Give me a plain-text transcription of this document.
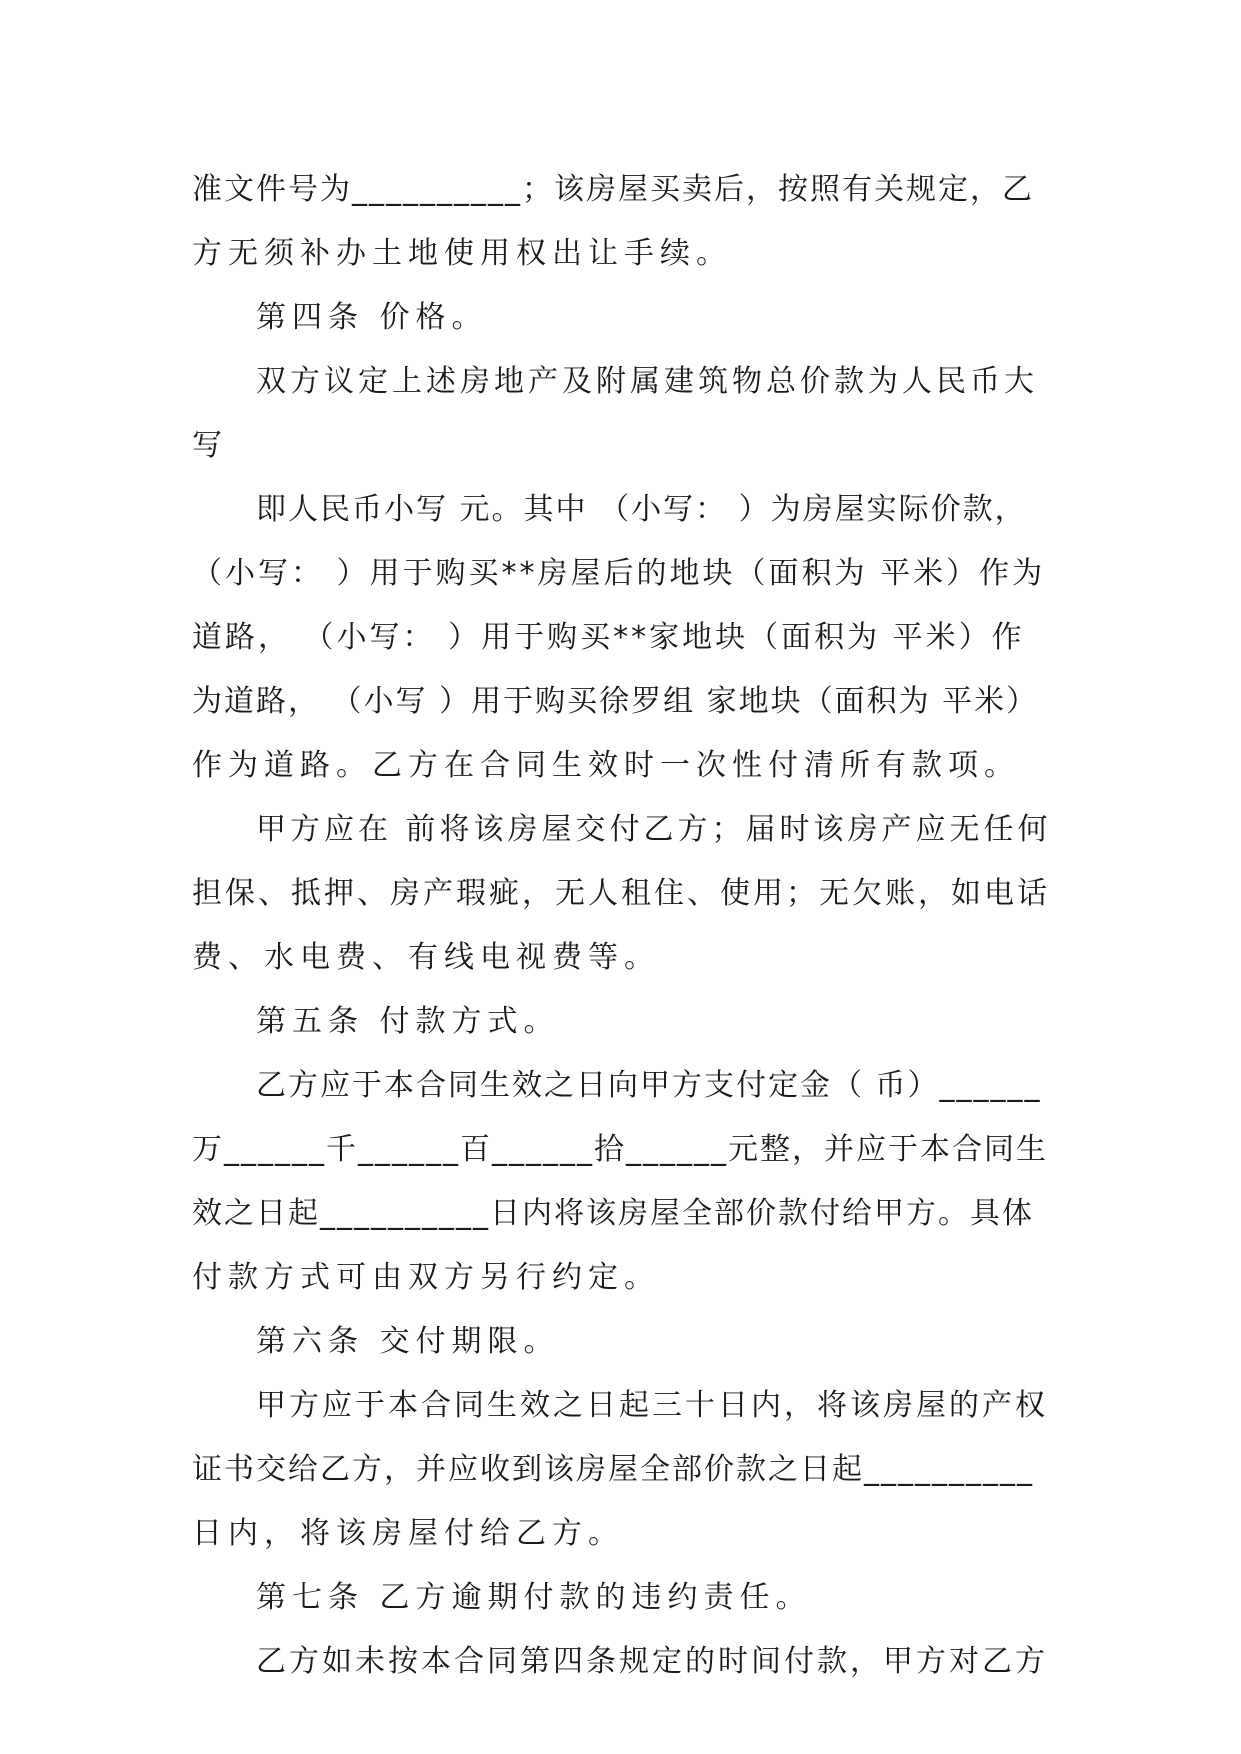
准文件号为__________；该房屋买卖后，按照有关规定，乙
方无须补办土地使用权出让手续。
第四条 价格。
双方议定上述房地产及附属建筑物总价款为人民币大
写
即人民币小写 元。其中 （小写： ）为房屋实际价款，
（小写： ）用于购买**房屋后的地块（面积为 平米）作为
道路， （小写： ）用于购买**家地块（面积为 平米）作
为道路， （小写 ）用于购买徐罗组 家地块（面积为 平米）
作为道路。乙方在合同生效时一次性付清所有款项。
甲方应在 前将该房屋交付乙方；届时该房产应无任何
担保、抵押、房产瑕疵，无人租住、使用；无欠账，如电话
费、水电费、有线电视费等。
第五条 付款方式。
乙方应于本合同生效之日向甲方支付定金（ 币）______
万______千______百______拾______元整，并应于本合同生
效之日起__________日内将该房屋全部价款付给甲方。具体
付款方式可由双方另行约定。
第六条 交付期限。
甲方应于本合同生效之日起三十日内，将该房屋的产权
证书交给乙方，并应收到该房屋全部价款之日起__________
日内，将该房屋付给乙方。
第七条 乙方逾期付款的违约责任。
乙方如未按本合同第四条规定的时间付款，甲方对乙方
